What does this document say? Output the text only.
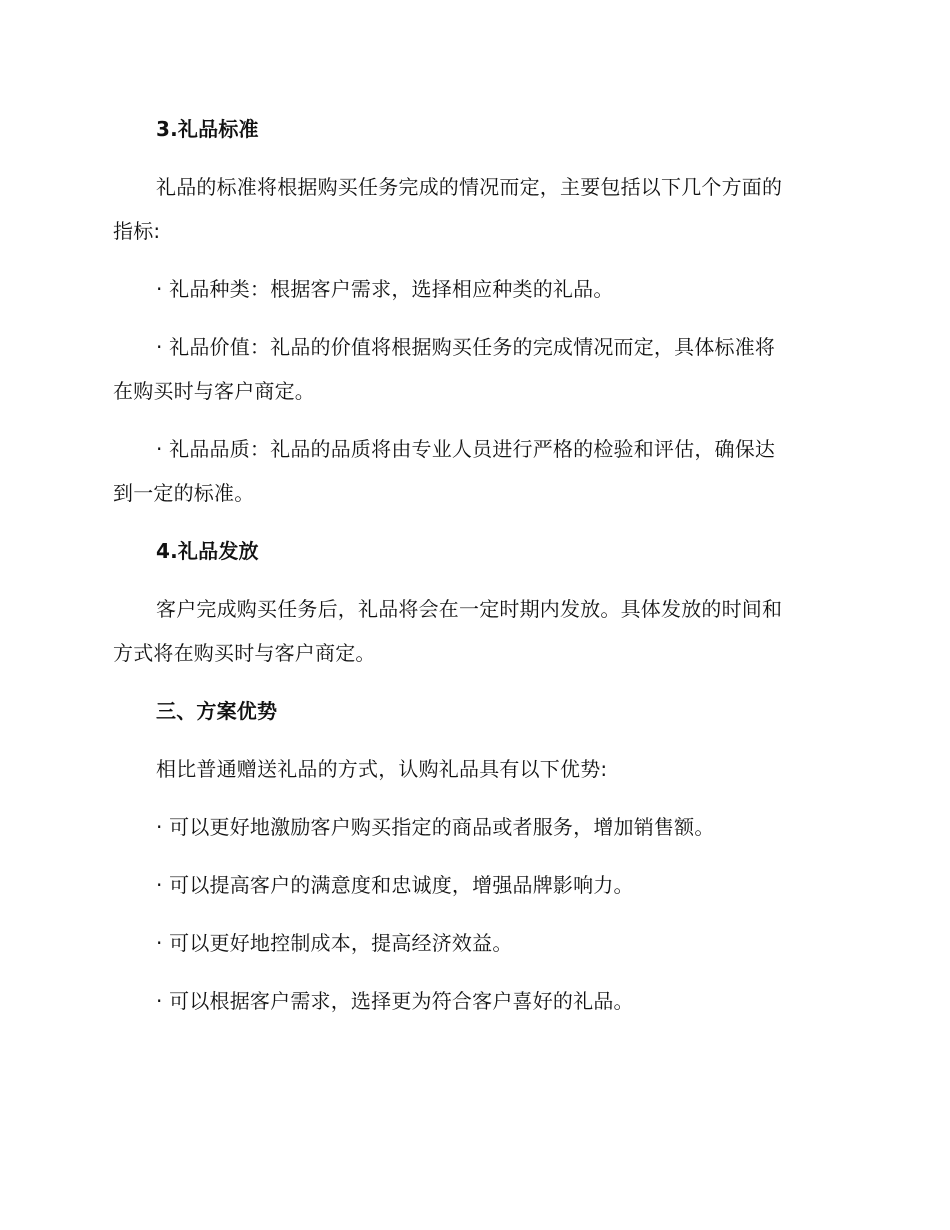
3.礼品标准
礼品的标准将根据购买任务完成的情况而定，主要包括以下几个方面的
指标:
· 礼品种类：根据客户需求，选择相应种类的礼品。
· 礼品价值：礼品的价值将根据购买任务的完成情况而定，具体标准将
在购买时与客户商定。
· 礼品品质：礼品的品质将由专业人员进行严格的检验和评估，确保达
到一定的标准。
4.礼品发放
客户完成购买任务后，礼品将会在一定时期内发放。具体发放的时间和
方式将在购买时与客户商定。
三、方案优势
相比普通赠送礼品的方式，认购礼品具有以下优势:
· 可以更好地激励客户购买指定的商品或者服务，增加销售额。
· 可以提高客户的满意度和忠诚度，增强品牌影响力。
· 可以更好地控制成本，提高经济效益。
· 可以根据客户需求，选择更为符合客户喜好的礼品。
